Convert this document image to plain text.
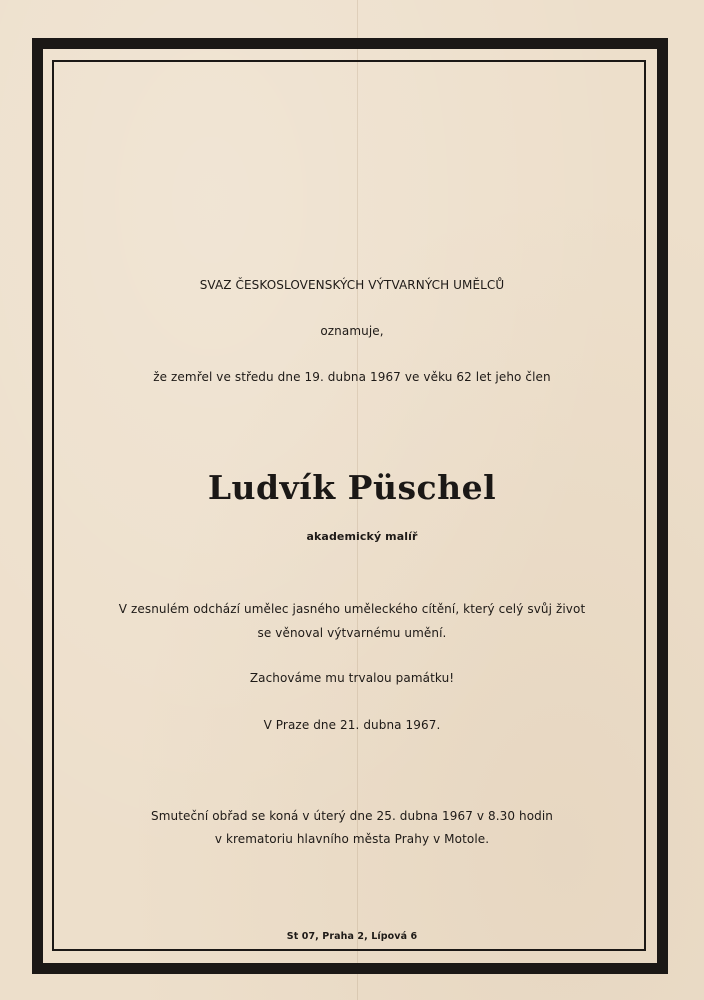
SVAZ ČESKOSLOVENSKÝCH VÝTVARNÝCH UMĚLCŮ
oznamuje,
že zemřel ve středu dne 19. dubna 1967 ve věku 62 let jeho člen
Ludvík Püschel
akademický malíř
V zesnulém odchází umělec jasného uměleckého cítění, který celý svůj život
se věnoval výtvarnému umění.
Zachováme mu trvalou památku!
V Praze dne 21. dubna 1967.
Smuteční obřad se koná v úterý dne 25. dubna 1967 v 8.30 hodin
v krematoriu hlavního města Prahy v Motole.
St 07, Praha 2, Lípová 6
